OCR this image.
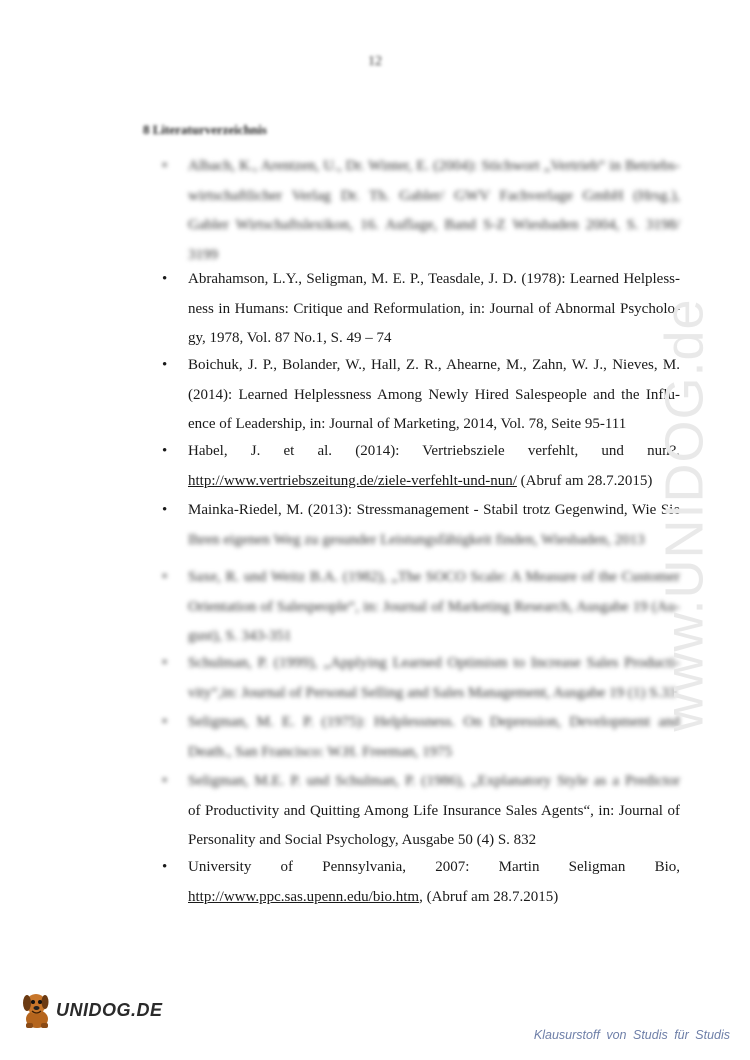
12
8 Literaturverzeichnis
• Albach, K., Arentzen, U., Dr. Winter, E. (2004): Stichwort „Vertrieb“ in Betriebs-
wirtschaftlicher Verlag Dr. Th. Gabler/ GWV Fachverlage GmbH (Hrsg.),
Gabler Wirtschaftslexikon, 16. Auflage, Band S-Z Wiesbaden 2004, S. 3198/
3199
• Abrahamson, L.Y., Seligman, M. E. P., Teasdale, J. D. (1978): Learned Helpless-
ness in Humans: Critique and Reformulation, in: Journal of Abnormal Psycholo-
gy, 1978, Vol. 87 No.1, S. 49 – 74
• Boichuk, J. P., Bolander, W., Hall, Z. R., Ahearne, M., Zahn, W. J., Nieves, M.
(2014): Learned Helplessness Among Newly Hired Salespeople and the Influ-
ence of Leadership, in: Journal of Marketing, 2014, Vol. 78, Seite 95-111
• Habel, J. et al. (2014): Vertriebsziele verfehlt, und nun?,
http://www.vertriebszeitung.de/ziele-verfehlt-und-nun/ (Abruf am 28.7.2015)
• Mainka-Riedel, M. (2013): Stressmanagement - Stabil trotz Gegenwind, Wie Sie
Ihren eigenen Weg zu gesunder Leistungsfähigkeit finden, Wiesbaden, 2013
• Saxe, R. und Weitz B.A. (1982), „The SOCO Scale: A Measure of the Customer
Orientation of Salespeople“, in: Journal of Marketing Research, Ausgabe 19 (Au-
gust), S. 343-351
• Schulman, P. (1999), „Applying Learned Optimism to Increase Sales Producti-
vity“,in: Journal of Personal Selling and Sales Management, Ausgabe 19 (1) S.33
• Seligman, M. E. P. (1975): Helplessness. On Depression, Development and
Death., San Francisco: W.H. Freeman, 1975
• Seligman, M.E. P. und Schulman, P. (1986), „Explanatory Style as a Predictor
of Productivity and Quitting Among Life Insurance Sales Agents“, in: Journal of
Personality and Social Psychology, Ausgabe 50 (4) S. 832
• University of Pennsylvania, 2007: Martin Seligman Bio,
http://www.ppc.sas.upenn.edu/bio.htm, (Abruf am 28.7.2015)
www.UNIDOG.de
UNIDOG.DE
Klausurstoff von Studis für Studis
